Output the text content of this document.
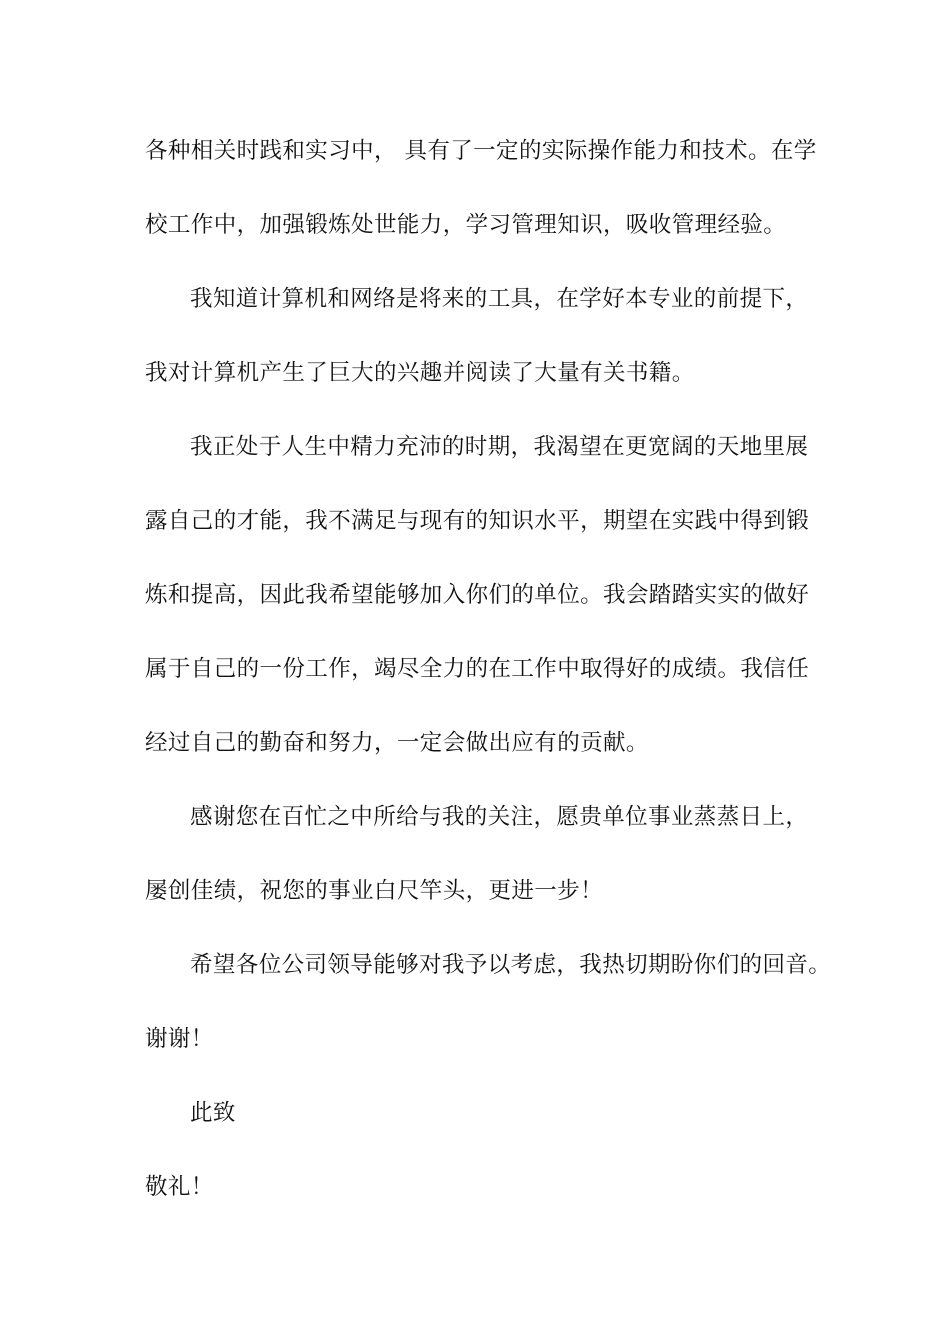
各种相关时践和实习中， 具有了一定的实际操作能力和技术。在学
校工作中，加强锻炼处世能力，学习管理知识，吸收管理经验。
我知道计算机和网络是将来的工具，在学好本专业的前提下，
我对计算机产生了巨大的兴趣并阅读了大量有关书籍。
我正处于人生中精力充沛的时期，我渴望在更宽阔的天地里展
露自己的才能，我不满足与现有的知识水平，期望在实践中得到锻
炼和提高，因此我希望能够加入你们的单位。我会踏踏实实的做好
属于自己的一份工作，竭尽全力的在工作中取得好的成绩。我信任
经过自己的勤奋和努力，一定会做出应有的贡献。
感谢您在百忙之中所给与我的关注，愿贵单位事业蒸蒸日上，
屡创佳绩，祝您的事业白尺竿头，更进一步！
希望各位公司领导能够对我予以考虑，我热切期盼你们的回音。
谢谢！
此致
敬礼！
